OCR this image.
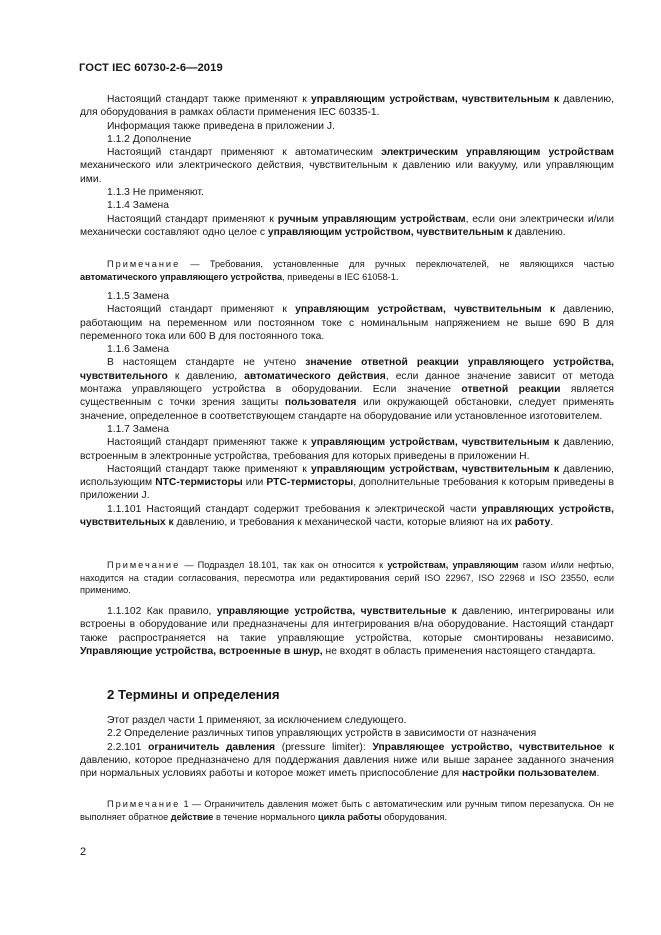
ГОСТ IEC 60730-2-6—2019

Настоящий стандарт также применяют к управляющим устройствам, чувствительным к давлению, для оборудования в рамках области применения IEC 60335-1.

Информация также приведена в приложении J.

1.1.2 Дополнение

Настоящий стандарт применяют к автоматическим электрическим управляющим устройствам механического или электрического действия, чувствительным к давлению или вакууму, или управляющим ими.

1.1.3 Не применяют.

1.1.4 Замена

Настоящий стандарт применяют к ручным управляющим устройствам, если они электрически и/или механически составляют одно целое с управляющим устройством, чувствительным к давлению.

Примечание — Требования, установленные для ручных переключателей, не являющихся частью автоматического управляющего устройства, приведены в IEC 61058-1.

1.1.5 Замена

Настоящий стандарт применяют к управляющим устройствам, чувствительным к давлению, работающим на переменном или постоянном токе с номинальным напряжением не выше 690 В для переменного тока или 600 В для постоянного тока.

1.1.6 Замена

В настоящем стандарте не учтено значение ответной реакции управляющего устройства, чувствительного к давлению, автоматического действия, если данное значение зависит от метода монтажа управляющего устройства в оборудовании. Если значение ответной реакции является существенным с точки зрения защиты пользователя или окружающей обстановки, следует применять значение, определенное в соответствующем стандарте на оборудование или установленное изготовителем.

1.1.7 Замена

Настоящий стандарт применяют также к управляющим устройствам, чувствительным к давлению, встроенным в электронные устройства, требования для которых приведены в приложении Н.

Настоящий стандарт также применяют к управляющим устройствам, чувствительным к давлению, использующим NTC-термисторы или PTC-термисторы, дополнительные требования к которым приведены в приложении J.

1.1.101 Настоящий стандарт содержит требования к электрической части управляющих устройств, чувствительных к давлению, и требования к механической части, которые влияют на их работу.

Примечание — Подраздел 18.101, так как он относится к устройствам, управляющим газом и/или нефтью, находится на стадии согласования, пересмотра или редактирования серий ISO 22967, ISO 22968 и ISO 23550, если применимо.

1.1.102 Как правило, управляющие устройства, чувствительные к давлению, интегрированы или встроены в оборудование или предназначены для интегрирования в/на оборудование. Настоящий стандарт также распространяется на такие управляющие устройства, которые смонтированы независимо. Управляющие устройства, встроенные в шнур, не входят в область применения настоящего стандарта.

2 Термины и определения

Этот раздел части 1 применяют, за исключением следующего.

2.2 Определение различных типов управляющих устройств в зависимости от назначения

2.2.101 ограничитель давления (pressure limiter): Управляющее устройство, чувствительное к давлению, которое предназначено для поддержания давления ниже или выше заранее заданного значения при нормальных условиях работы и которое может иметь приспособление для настройки пользователем.

Примечание 1 — Ограничитель давления может быть с автоматическим или ручным типом перезапуска. Он не выполняет обратное действие в течение нормального цикла работы оборудования.

2
